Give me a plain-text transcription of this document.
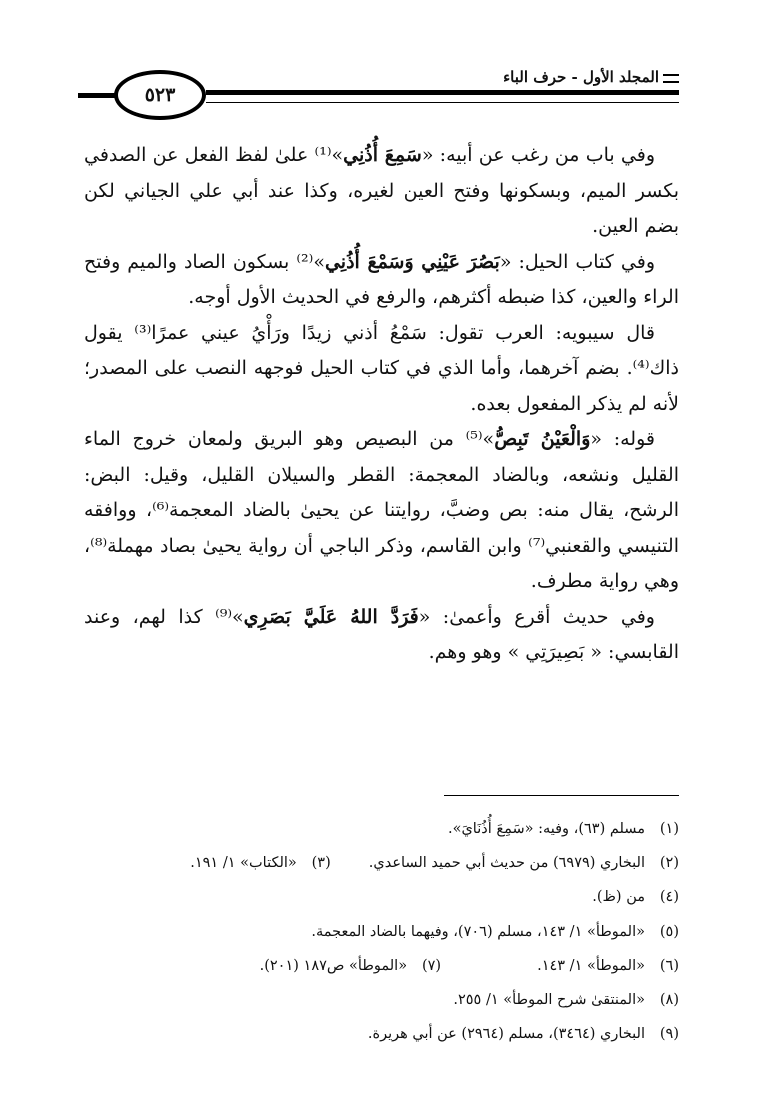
٥٢٣
المجلد الأول - حرف الباء

وفي باب من رغب عن أبيه: «سَمِعَ أُذُنِي»⁽¹⁾ علىٰ لفظ الفعل عن الصدفي بكسر الميم، وبسكونها وفتح العين لغيره، وكذا عند أبي علي الجياني لكن بضم العين.

وفي كتاب الحيل: «بَصُرَ عَيْنِي وَسَمْعَ أُذُنِي»⁽²⁾ بسكون الصاد والميم وفتح الراء والعين، كذا ضبطه أكثرهم، والرفع في الحديث الأول أوجه.

قال سيبويه: العرب تقول: سَمْعُ أذني زيدًا ورَأْيُ عيني عمرًا⁽³⁾ يقول ذاك⁽⁴⁾. بضم آخرهما، وأما الذي في كتاب الحيل فوجهه النصب على المصدر؛ لأنه لم يذكر المفعول بعده.

قوله: «وَالْعَيْنُ تَبِصُّ»⁽⁵⁾ من البصيص وهو البريق ولمعان خروج الماء القليل ونشعه، وبالضاد المعجمة: القطر والسيلان القليل، وقيل: البض: الرشح، يقال منه: بص وضبَّ، روايتنا عن يحيىٰ بالضاد المعجمة⁽⁶⁾، ووافقه التنيسي والقعنبي⁽⁷⁾ وابن القاسم، وذكر الباجي أن رواية يحيىٰ بصاد مهملة⁽⁸⁾، وهي رواية مطرف.

وفي حديث أقرع وأعمىٰ: «فَرَدَّ اللهُ عَلَيَّ بَصَرِي»⁽⁹⁾ كذا لهم، وعند القابسي: « بَصِيرَتِي » وهو وهم.

(١)مسلم (٦٣)، وفيه: «سَمِعَ أُذُنَايَ».
(٢)البخاري (٦٩٧٩) من حديث أبي حميد الساعدي.(٣)«الكتاب» ١/ ١٩١.
(٤)من (ظ).
(٥)«الموطأ» ١/ ١٤٣، مسلم (٧٠٦)، وفيهما بالضاد المعجمة.
(٦)«الموطأ» ١/ ١٤٣.(٧)«الموطأ» ص١٨٧ (٢٠١).
(٨)«المنتقىٰ شرح الموطأ» ١/ ٢٥٥.
(٩)البخاري (٣٤٦٤)، مسلم (٢٩٦٤) عن أبي هريرة.
